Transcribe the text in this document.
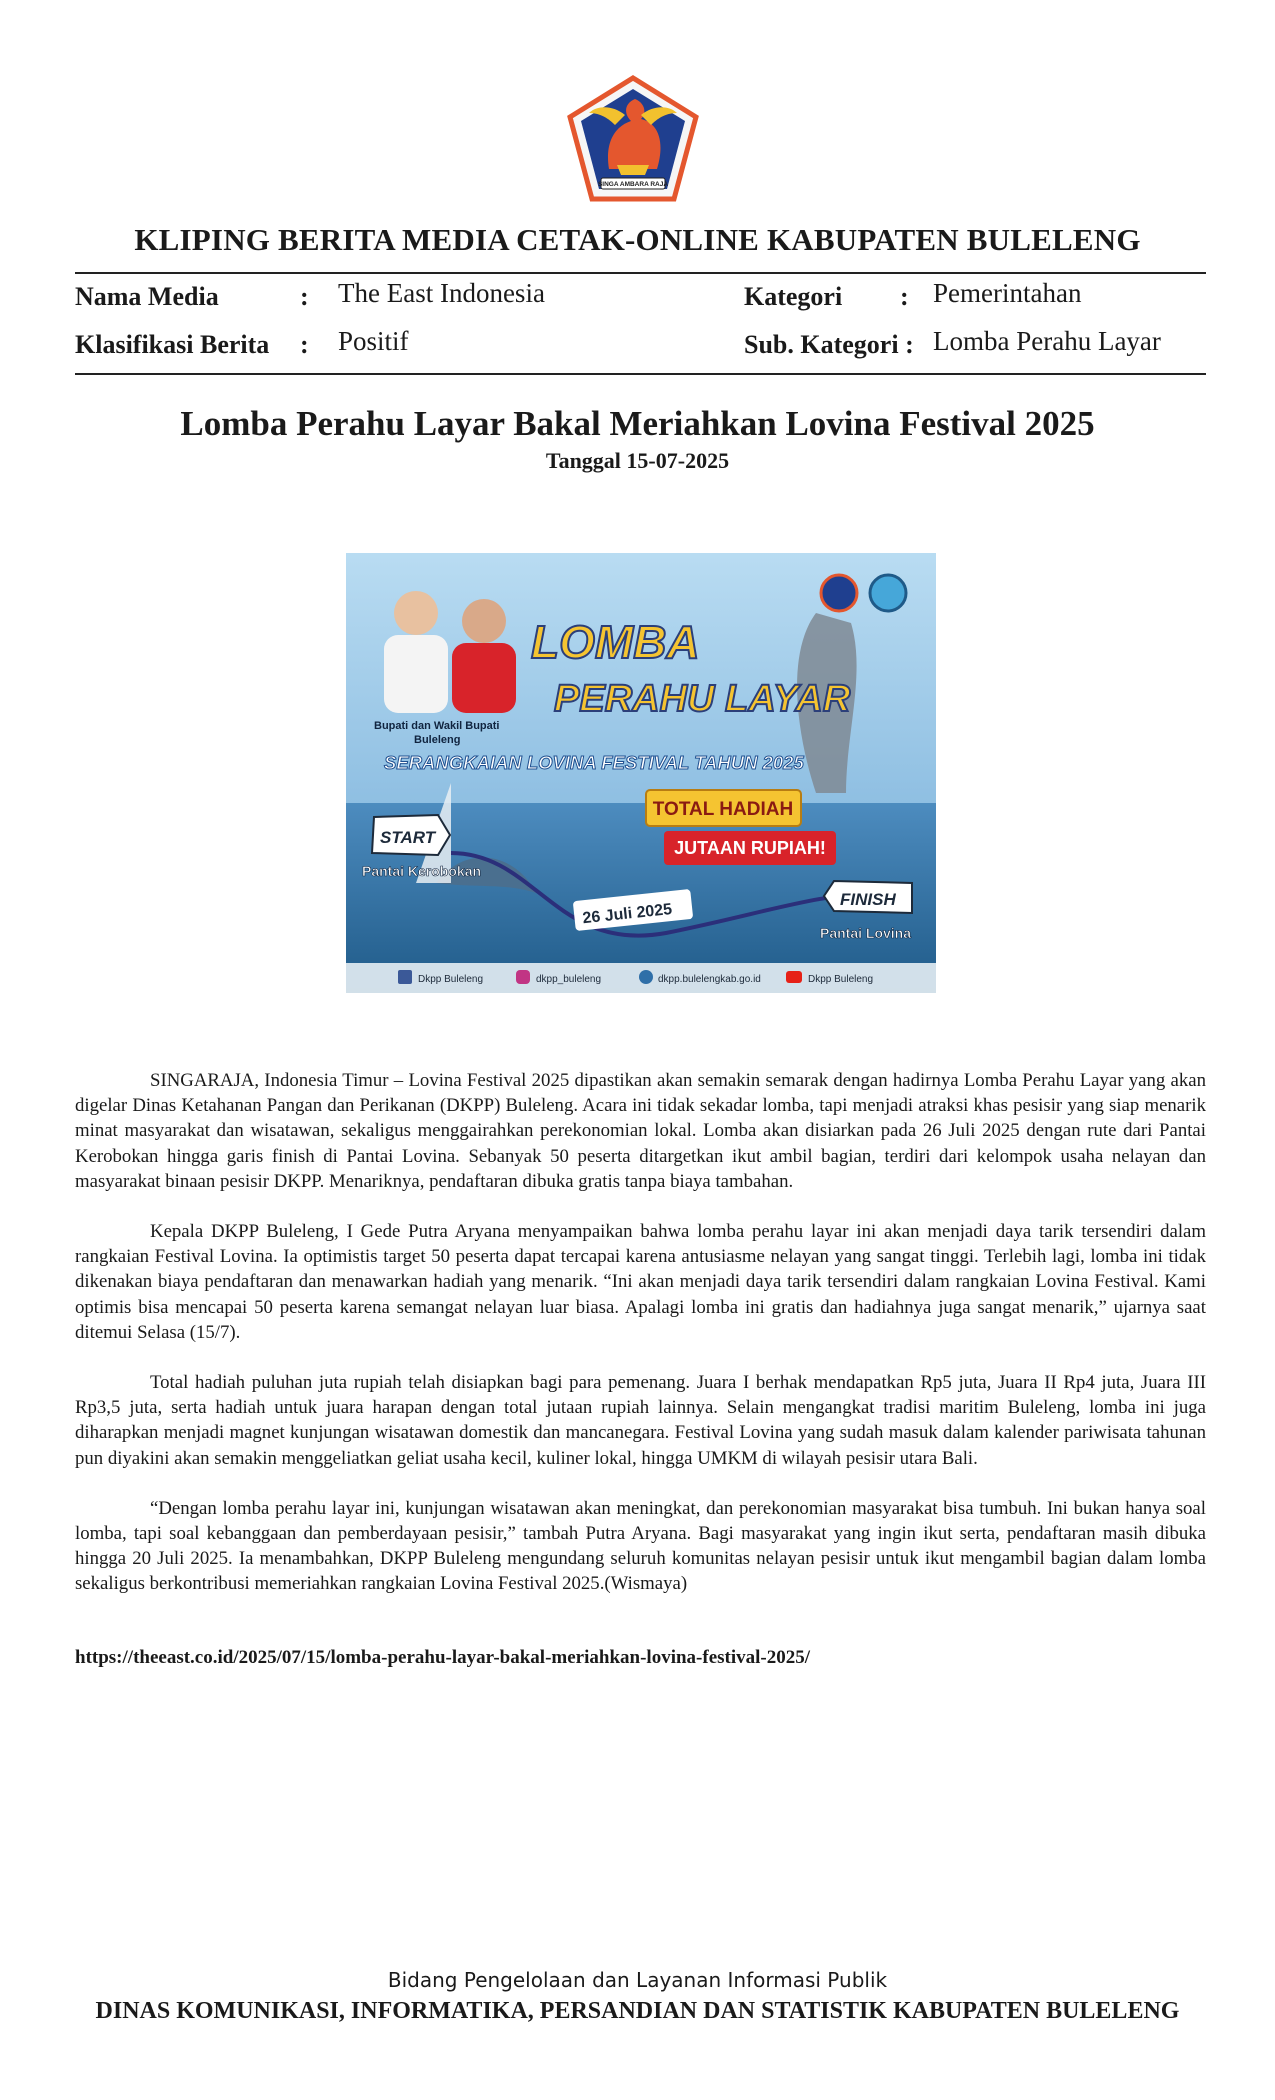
SINGA AMBARA RAJA
KLIPING BERITA MEDIA CETAK-ONLINE KABUPATEN BULELENG
Nama Media	: The East Indonesia	Kategori : Pemerintahan
Klasifikasi Berita : Positif	Sub. Kategori : Lomba Perahu Layar
Lomba Perahu Layar Bakal Meriahkan Lovina Festival 2025
Tanggal 15-07-2025
Bupati dan Wakil Bupati
Buleleng
LOMBA
PERAHU LAYAR
SERANGKAIAN LOVINA FESTIVAL TAHUN 2025
TOTAL HADIAH
JUTAAN RUPIAH!
START
Pantai Kerobokan
26 Juli 2025
FINISH
Pantai Lovina
Dkpp Buleleng	dkpp_buleleng	dkpp.bulelengkab.go.id	Dkpp Buleleng

SINGARAJA, Indonesia Timur – Lovina Festival 2025 dipastikan akan semakin semarak dengan hadirnya Lomba Perahu Layar yang akan digelar Dinas Ketahanan Pangan dan Perikanan (DKPP) Buleleng. Acara ini tidak sekadar lomba, tapi menjadi atraksi khas pesisir yang siap menarik minat masyarakat dan wisatawan, sekaligus menggairahkan perekonomian lokal. Lomba akan disiarkan pada 26 Juli 2025 dengan rute dari Pantai Kerobokan hingga garis finish di Pantai Lovina. Sebanyak 50 peserta ditargetkan ikut ambil bagian, terdiri dari kelompok usaha nelayan dan masyarakat binaan pesisir DKPP. Menariknya, pendaftaran dibuka gratis tanpa biaya tambahan.

Kepala DKPP Buleleng, I Gede Putra Aryana menyampaikan bahwa lomba perahu layar ini akan menjadi daya tarik tersendiri dalam rangkaian Festival Lovina. Ia optimistis target 50 peserta dapat tercapai karena antusiasme nelayan yang sangat tinggi. Terlebih lagi, lomba ini tidak dikenakan biaya pendaftaran dan menawarkan hadiah yang menarik. “Ini akan menjadi daya tarik tersendiri dalam rangkaian Lovina Festival. Kami optimis bisa mencapai 50 peserta karena semangat nelayan luar biasa. Apalagi lomba ini gratis dan hadiahnya juga sangat menarik,” ujarnya saat ditemui Selasa (15/7).

Total hadiah puluhan juta rupiah telah disiapkan bagi para pemenang. Juara I berhak mendapatkan Rp5 juta, Juara II Rp4 juta, Juara III Rp3,5 juta, serta hadiah untuk juara harapan dengan total jutaan rupiah lainnya. Selain mengangkat tradisi maritim Buleleng, lomba ini juga diharapkan menjadi magnet kunjungan wisatawan domestik dan mancanegara. Festival Lovina yang sudah masuk dalam kalender pariwisata tahunan pun diyakini akan semakin menggeliatkan geliat usaha kecil, kuliner lokal, hingga UMKM di wilayah pesisir utara Bali.

“Dengan lomba perahu layar ini, kunjungan wisatawan akan meningkat, dan perekonomian masyarakat bisa tumbuh. Ini bukan hanya soal lomba, tapi soal kebanggaan dan pemberdayaan pesisir,” tambah Putra Aryana. Bagi masyarakat yang ingin ikut serta, pendaftaran masih dibuka hingga 20 Juli 2025. Ia menambahkan, DKPP Buleleng mengundang seluruh komunitas nelayan pesisir untuk ikut mengambil bagian dalam lomba sekaligus berkontribusi memeriahkan rangkaian Lovina Festival 2025.(Wismaya)

https://theeast.co.id/2025/07/15/lomba-perahu-layar-bakal-meriahkan-lovina-festival-2025/
Bidang Pengelolaan dan Layanan Informasi Publik
DINAS KOMUNIKASI, INFORMATIKA, PERSANDIAN DAN STATISTIK KABUPATEN BULELENG
